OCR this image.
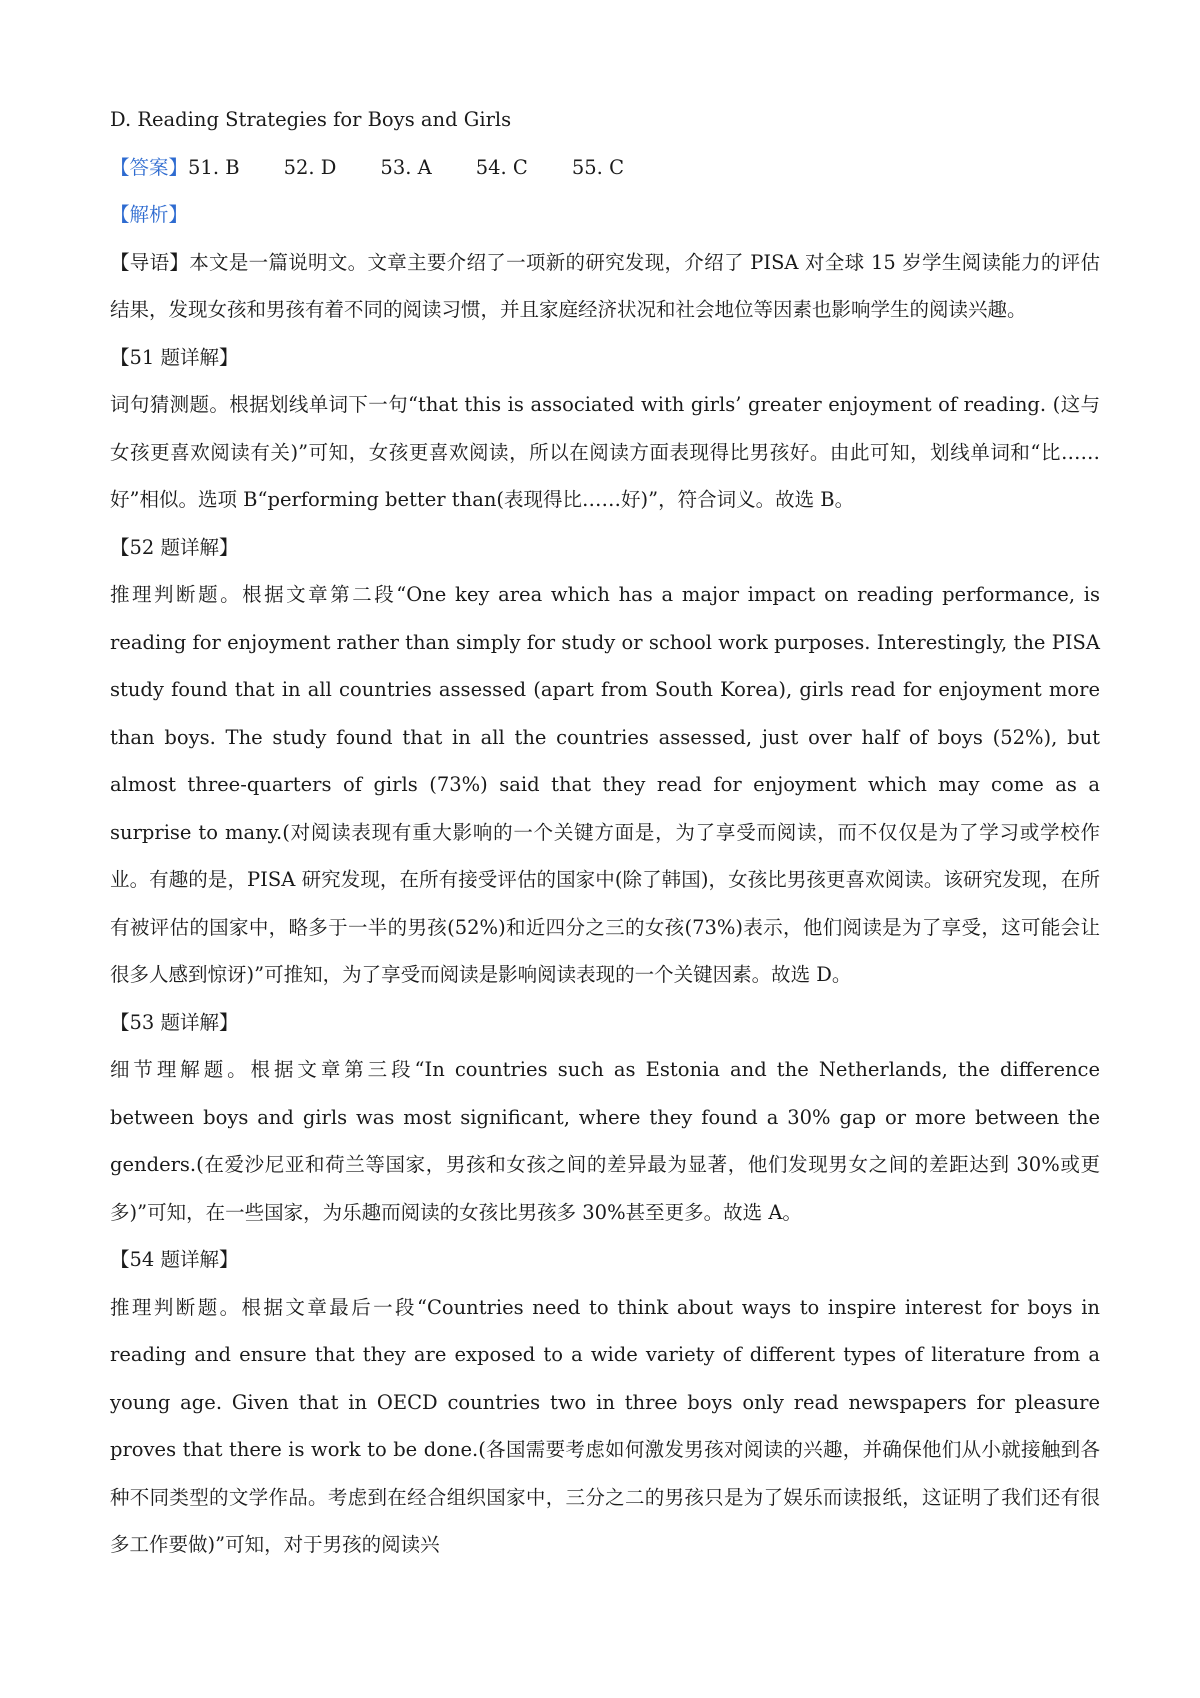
D. Reading Strategies for Boys and Girls
【答案】51. B 52. D 53. A 54. C 55. C
【解析】

【导语】本文是一篇说明文。文章主要介绍了一项新的研究发现，介绍了 PISA 对全球 15 岁学生阅读能力的评估结果，发现女孩和男孩有着不同的阅读习惯，并且家庭经济状况和社会地位等因素也影响学生的阅读兴趣。

【51 题详解】

词句猜测题。根据划线单词下一句“that this is associated with girls’ greater enjoyment of reading. (这与女孩更喜欢阅读有关)”可知，女孩更喜欢阅读，所以在阅读方面表现得比男孩好。由此可知，划线单词和“比……好”相似。选项 B“performing better than(表现得比……好)”，符合词义。故选 B。

【52 题详解】

推理判断题。根据文章第二段“One key area which has a major impact on reading performance, is reading for enjoyment rather than simply for study or school work purposes. Interestingly, the PISA study found that in all countries assessed (apart from South Korea), girls read for enjoyment more than boys. The study found that in all the countries assessed, just over half of boys (52%), but almost three-quarters of girls (73%) said that they read for enjoyment which may come as a surprise to many.(对阅读表现有重大影响的一个关键方面是，为了享受而阅读，而不仅仅是为了学习或学校作业。有趣的是，PISA 研究发现，在所有接受评估的国家中(除了韩国)，女孩比男孩更喜欢阅读。该研究发现，在所有被评估的国家中，略多于一半的男孩(52%)和近四分之三的女孩(73%)表示，他们阅读是为了享受，这可能会让很多人感到惊讶)”可推知，为了享受而阅读是影响阅读表现的一个关键因素。故选 D。

【53 题详解】

细节理解题。根据文章第三段“In countries such as Estonia and the Netherlands, the difference between boys and girls was most significant, where they found a 30% gap or more between the genders.(在爱沙尼亚和荷兰等国家，男孩和女孩之间的差异最为显著，他们发现男女之间的差距达到 30%或更多)”可知，在一些国家，为乐趣而阅读的女孩比男孩多 30%甚至更多。故选 A。

【54 题详解】

推理判断题。根据文章最后一段“Countries need to think about ways to inspire interest for boys in reading and ensure that they are exposed to a wide variety of different types of literature from a young age. Given that in OECD countries two in three boys only read newspapers for pleasure proves that there is work to be done.(各国需要考虑如何激发男孩对阅读的兴趣，并确保他们从小就接触到各种不同类型的文学作品。考虑到在经合组织国家中，三分之二的男孩只是为了娱乐而读报纸，这证明了我们还有很多工作要做)”可知，对于男孩的阅读兴
